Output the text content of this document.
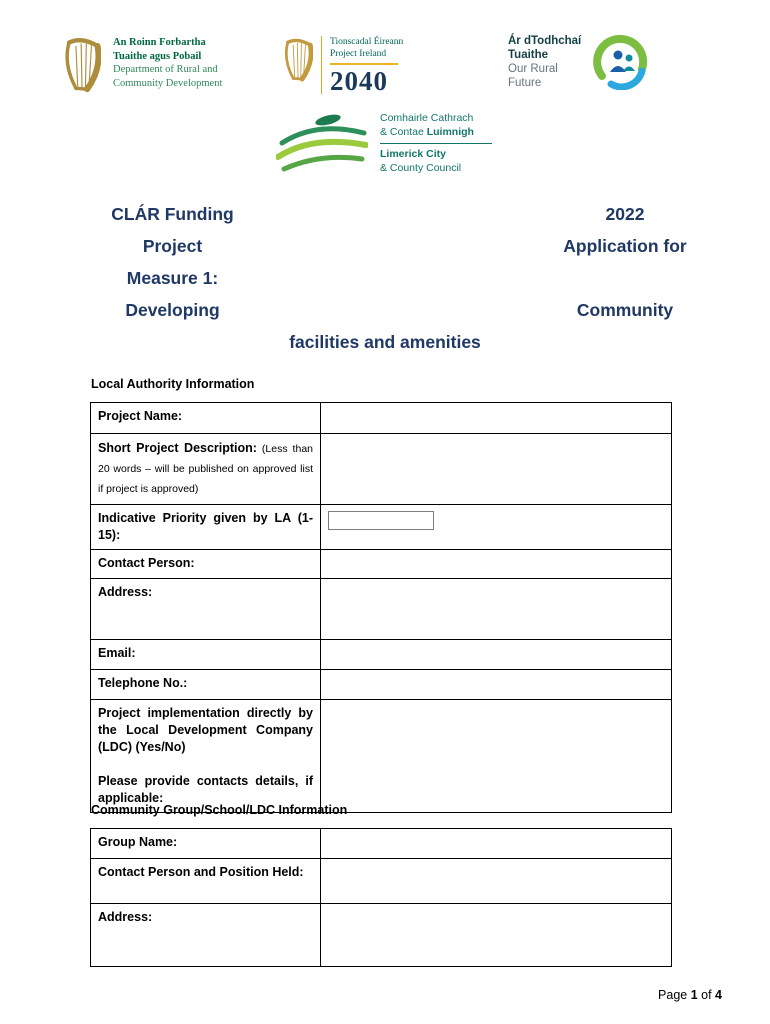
An Roinn Forbartha
Tuaithe agus Pobail
Department of Rural and
Community Development
Tionscadal Éireann
Project Ireland
2040
Ár dTodhchaí
Tuaithe
Our Rural
Future
Comhairle Cathrach
& Contae Luimnigh
Limerick City
& County Council
CLÁR Funding
Project
Measure 1:
Developing
2022
Application for
Community
facilities and amenities
Local Authority Information
Project Name:	
Short Project Description: (Less than 20 words – will be published on approved list if project is approved)	
Indicative Priority given by LA (1-15):	

Contact Person:	
Address:	
Email:	
Telephone No.:	

Project implementation directly by the Local Development Company (LDC) (Yes/No)
Please provide contacts details, if applicable:	

Community Group/School/LDC Information
Group Name:	
Contact Person and Position Held:	
Address:	
Page 1 of 4
